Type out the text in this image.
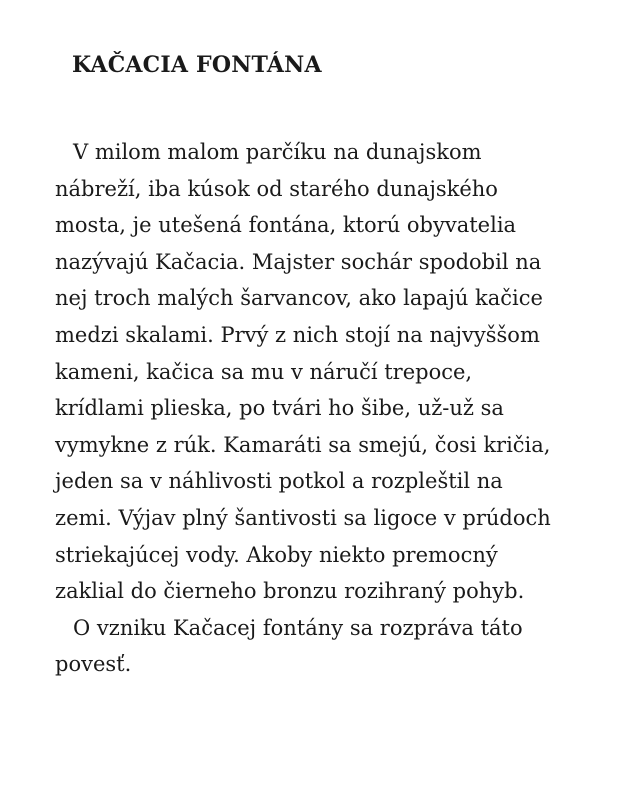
KAČACIA FONTÁNA

V milom malom parčíku na dunajskom
nábreží, iba kúsok od starého dunajského
mosta, je utešená fontána, ktorú obyvatelia
nazývajú Kačacia. Majster sochár spodobil na
nej troch malých šarvancov, ako lapajú kačice
medzi skalami. Prvý z nich stojí na najvyššom
kameni, kačica sa mu v náručí trepoce,
krídlami plieska, po tvári ho šibe, už-už sa
vymykne z rúk. Kamaráti sa smejú, čosi kričia,
jeden sa v náhlivosti potkol a rozpleštil na
zemi. Výjav plný šantivosti sa ligoce v prúdoch
striekajúcej vody. Akoby niekto premocný
zaklial do čierneho bronzu rozihraný pohyb.

O vzniku Kačacej fontány sa rozpráva táto
povesť.
